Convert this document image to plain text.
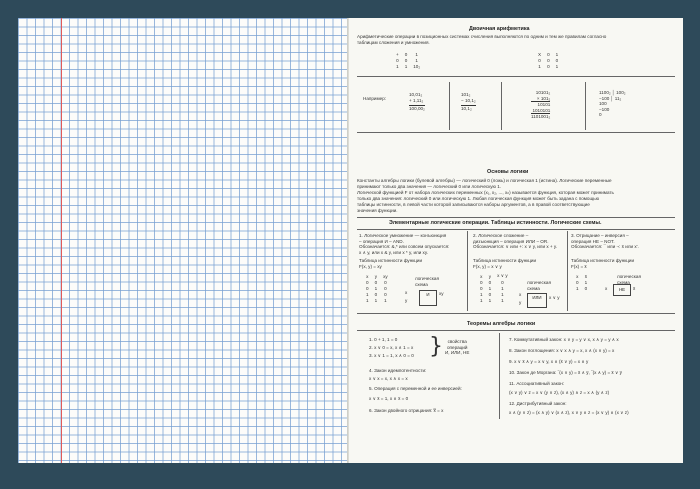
Двоичная арифметика
Арифметические операции в позиционных системах счисления выполняются по одним и тем же правилам согласно
таблицам сложения и умножения.
+	0	1
0	0	1
1	1	10₂
X	0	1
0	0	0
1	0	1
Например:
10,01₂
+ 1,11₂
100,00₂
101₂
− 10,1₂
10,1₂
10101₂
× 101₂
10101
1010101
1101001₂
1100₂ │ 100₂
−100 │ 11₂
100
−100
0
Основы логики
Константы алгебры логики (булевой алгебры) — логический 0 (ложь) и логическая 1 (истина). Логические переменные
принимают только два значения — логический 0 или логическую 1.
Логической функцией F от набора логических переменных (x₁, x₂, ..., xₙ) называется функция, которая может принимать
только два значения: логический 0 или логическую 1. Любая логическая функция может быть задана с помощью
таблицы истинности, в левой части которой записываются наборы аргументов, а в правой соответствующие
значения функции.
Элементарные логические операции. Таблицы истинности. Логические схемы.
1. Логическое умножение — конъюнкция
– операция И – AND.
Обозначается: &,* или совсем опускается:
x ∧ y, или x & y, или x * y, или xy.
Таблица истинности функции
F(x, y) = xy
x	y	xy
0	0	0
0	1	0
1	0	0
1	1	1
логическая
схема
x
y
И	xy
2. Логическое сложение –
дизъюнкция – операция ИЛИ – OR.
Обозначается: ∨ или +: x ∨ y, или x + y.
Таблица истинности функции
F(x, y) = x ∨ y
x	y	x ∨ y
0	0	0
0	1	1
1	0	1
1	1	1
логическая
схема
x
y
ИЛИ	x ∨ y
3. Отрицание – инверсия –
операция НЕ – NOT.
Обозначается: ¯ или ¬: x̄ или x'.
Таблица истинности функции
F(x) = x̄
x	x̄
0	1
1	0
логическая
схема
x	НЕ	x̄
Теоремы алгебры логики
1. 0 + 1, 1 = 0
2. x ∨ 0 = x, x ∧ 1 = x
3. x ∨ 1 = 1, x ∧ 0 = 0 }	свойства
операций
И, ИЛИ, НЕ
4. Закон идемпотентности:
x ∨ x = x, x ∧ x = x
5. Операция с переменной и ее инверсией:
x ∨ x̄ = 1, x ∧ x̄ = 0
6. Закон двойного отрицания: x̿ = x
7. Коммутативный закон: x ∨ y = y ∨ x, x ∧ y = y ∧ x
8. Закон поглощения: x ∨ x ∧ y = x, x ∧ (x ∨ y) = x
9. x ∨ x̄ ∧ y = x ∨ y, x ∧ (x̄ ∨ y) = x ∧ y
10. Закон де Моргана: ‾(x ∨ y) = x̄ ∧ ȳ, ‾(x ∧ y) = x̄ ∨ ȳ
11. Ассоциативный закон:
(x ∨ y) ∨ z = x ∨ (y ∨ z), (x ∧ y) ∧ z = x ∧ (y ∧ z)
12. Дистрибутивный закон:
x ∧ (y ∨ z) = (x ∧ y) ∨ (x ∧ z), x ∨ y ∧ z = (x ∨ y) ∧ (x ∨ z)
